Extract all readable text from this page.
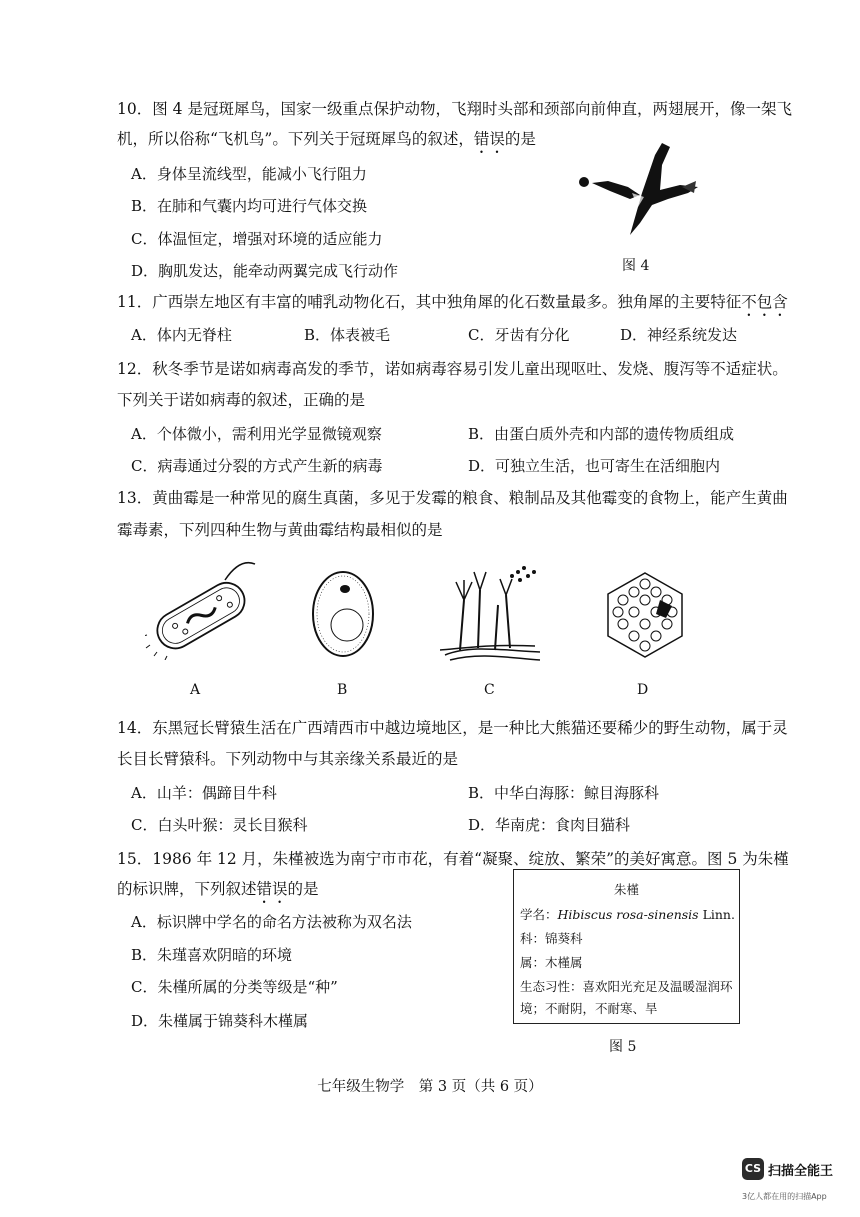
10．图 4 是冠斑犀鸟，国家一级重点保护动物，飞翔时头部和颈部向前伸直，两翅展开，像一架飞
机，所以俗称“飞机鸟”。下列关于冠斑犀鸟的叙述，错误的是
A．身体呈流线型，能减小飞行阻力
B．在肺和气囊内均可进行气体交换
C．体温恒定，增强对环境的适应能力
D．胸肌发达，能牵动两翼完成飞行动作	图 4
11．广西崇左地区有丰富的哺乳动物化石，其中独角犀的化石数量最多。独角犀的主要特征不包含
A．体内无脊柱	B．体表被毛	C．牙齿有分化	D．神经系统发达
12．秋冬季节是诺如病毒高发的季节，诺如病毒容易引发儿童出现呕吐、发烧、腹泻等不适症状。
下列关于诺如病毒的叙述，正确的是
A．个体微小，需利用光学显微镜观察	B．由蛋白质外壳和内部的遗传物质组成
C．病毒通过分裂的方式产生新的病毒	D．可独立生活，也可寄生在活细胞内
13．黄曲霉是一种常见的腐生真菌，多见于发霉的粮食、粮制品及其他霉变的食物上，能产生黄曲
霉毒素，下列四种生物与黄曲霉结构最相似的是
A	B	C	D
14．东黑冠长臂猿生活在广西靖西市中越边境地区，是一种比大熊猫还要稀少的野生动物，属于灵
长目长臂猿科。下列动物中与其亲缘关系最近的是
A．山羊：偶蹄目牛科	B．中华白海豚：鲸目海豚科
C．白头叶猴：灵长目猴科	D．华南虎：食肉目猫科
15．1986 年 12 月，朱槿被选为南宁市市花，有着“凝聚、绽放、繁荣”的美好寓意。图 5 为朱槿
的标识牌，下列叙述错误的是
A．标识牌中学名的命名方法被称为双名法
B．朱瑾喜欢阴暗的环境
C．朱槿所属的分类等级是“种”
D．朱槿属于锦葵科木槿属
朱槿
学名：Hibiscus rosa-sinensis Linn.
科：锦葵科
属：木槿属
生态习性：喜欢阳光充足及温暖湿润环
境；不耐阴，不耐寒、旱
图 5
七年级生物学　第 3 页（共 6 页）
CS 扫描全能王
3亿人都在用的扫描App
